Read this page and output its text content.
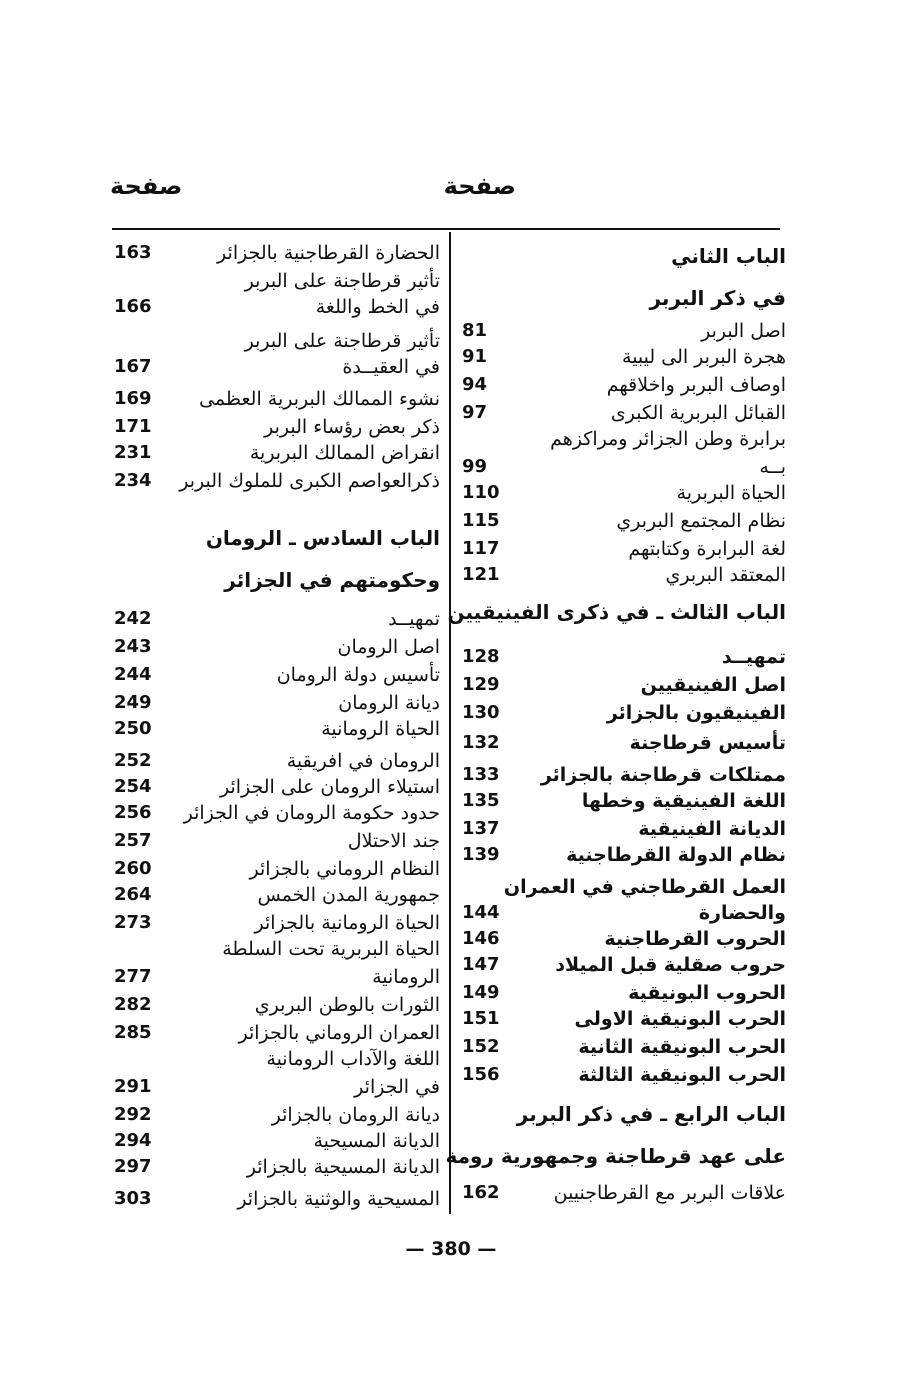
صفحة
صفحة
الباب الثاني
في ذكر البربر
اصل البربر
81
هجرة البربر الى ليبية
91
اوصاف البربر واخلاقهم
94
القبائل البربرية الكبرى
97
برابرة وطن الجزائر ومراكزهم
بــه
99
الحياة البربرية
110
نظام المجتمع البربري
115
لغة البرابرة وكتابتهم
117
المعتقد البربري
121
الباب الثالث ـ في ذكرى الفينيقيين
تمهيــد
128
اصل الفينيقيين
129
الفينيقيون بالجزائر
130
تأسيس قرطاجنة
132
ممتلكات قرطاجنة بالجزائر
133
اللغة الفينيقية وخطها
135
الديانة الفينيقية
137
نظام الدولة القرطاجنية
139
العمل القرطاجني في العمران
والحضارة
144
الحروب القرطاجنية
146
حروب صقلية قبل الميلاد
147
الحروب البونيقية
149
الحرب البونيقية الاولى
151
الحرب البونيقية الثانية
152
الحرب البونيقية الثالثة
156
الباب الرابع ـ في ذكر البربر
على عهد قرطاجنة وجمهورية رومة
علاقات البربر مع القرطاجنيين
162
الحضارة القرطاجنية بالجزائر
163
تأثير قرطاجنة على البربر
في الخط واللغة
166
تأثير قرطاجنة على البربر
في العقيــدة
167
نشوء الممالك البربرية العظمى
169
ذكر بعض رؤساء البربر
171
انقراض الممالك البربرية
231
ذكرالعواصم الكبرى للملوك البربر
234
الباب السادس ـ الرومان
وحكومتهم في الجزائر
تمهيــد
242
اصل الرومان
243
تأسيس دولة الرومان
244
ديانة الرومان
249
الحياة الرومانية
250
الرومان في افريقية
252
استيلاء الرومان على الجزائر
254
حدود حكومة الرومان في الجزائر
256
جند الاحتلال
257
النظام الروماني بالجزائر
260
جمهورية المدن الخمس
264
الحياة الرومانية بالجزائر
273
الحياة البربرية تحت السلطة
الرومانية
277
الثورات بالوطن البربري
282
العمران الروماني بالجزائر
285
اللغة والآداب الرومانية
في الجزائر
291
ديانة الرومان بالجزائر
292
الديانة المسيحية
294
الديانة المسيحية بالجزائر
297
المسيحية والوثنية بالجزائر
303
— 380 —
